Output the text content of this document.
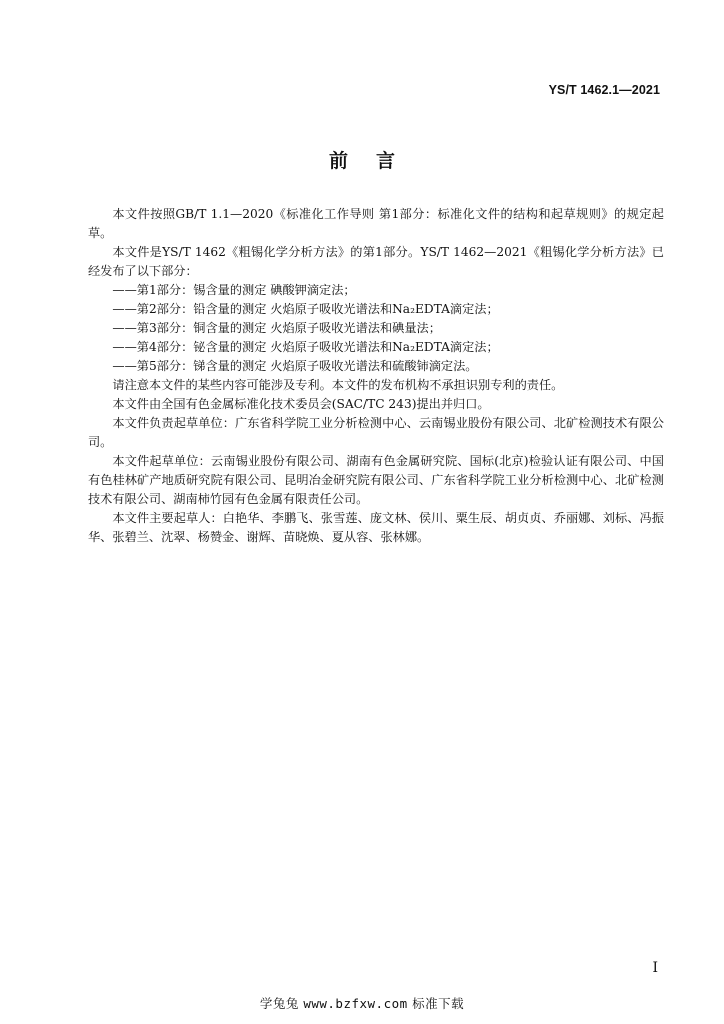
YS/T 1462.1—2021
前言

本文件按照GB/T 1.1—2020《标准化工作导则 第1部分：标准化文件的结构和起草规则》的规定起草。

本文件是YS/T 1462《粗锡化学分析方法》的第1部分。YS/T 1462—2021《粗锡化学分析方法》已经发布了以下部分：

——第1部分：锡含量的测定 碘酸钾滴定法；
——第2部分：铅含量的测定 火焰原子吸收光谱法和Na₂EDTA滴定法；
——第3部分：铜含量的测定 火焰原子吸收光谱法和碘量法；
——第4部分：铋含量的测定 火焰原子吸收光谱法和Na₂EDTA滴定法；
——第5部分：锑含量的测定 火焰原子吸收光谱法和硫酸铈滴定法。

请注意本文件的某些内容可能涉及专利。本文件的发布机构不承担识别专利的责任。

本文件由全国有色金属标准化技术委员会(SAC/TC 243)提出并归口。

本文件负责起草单位：广东省科学院工业分析检测中心、云南锡业股份有限公司、北矿检测技术有限公司。

本文件起草单位：云南锡业股份有限公司、湖南有色金属研究院、国标(北京)检验认证有限公司、中国有色桂林矿产地质研究院有限公司、昆明冶金研究院有限公司、广东省科学院工业分析检测中心、北矿检测技术有限公司、湖南柿竹园有色金属有限责任公司。

本文件主要起草人：白艳华、李鹏飞、张雪莲、庞文林、侯川、粟生辰、胡贞贞、乔丽娜、刘标、冯振华、张碧兰、沈翠、杨赞金、谢辉、苗晓焕、夏从容、张林娜。

I
学兔兔 www.bzfxw.com 标准下载
